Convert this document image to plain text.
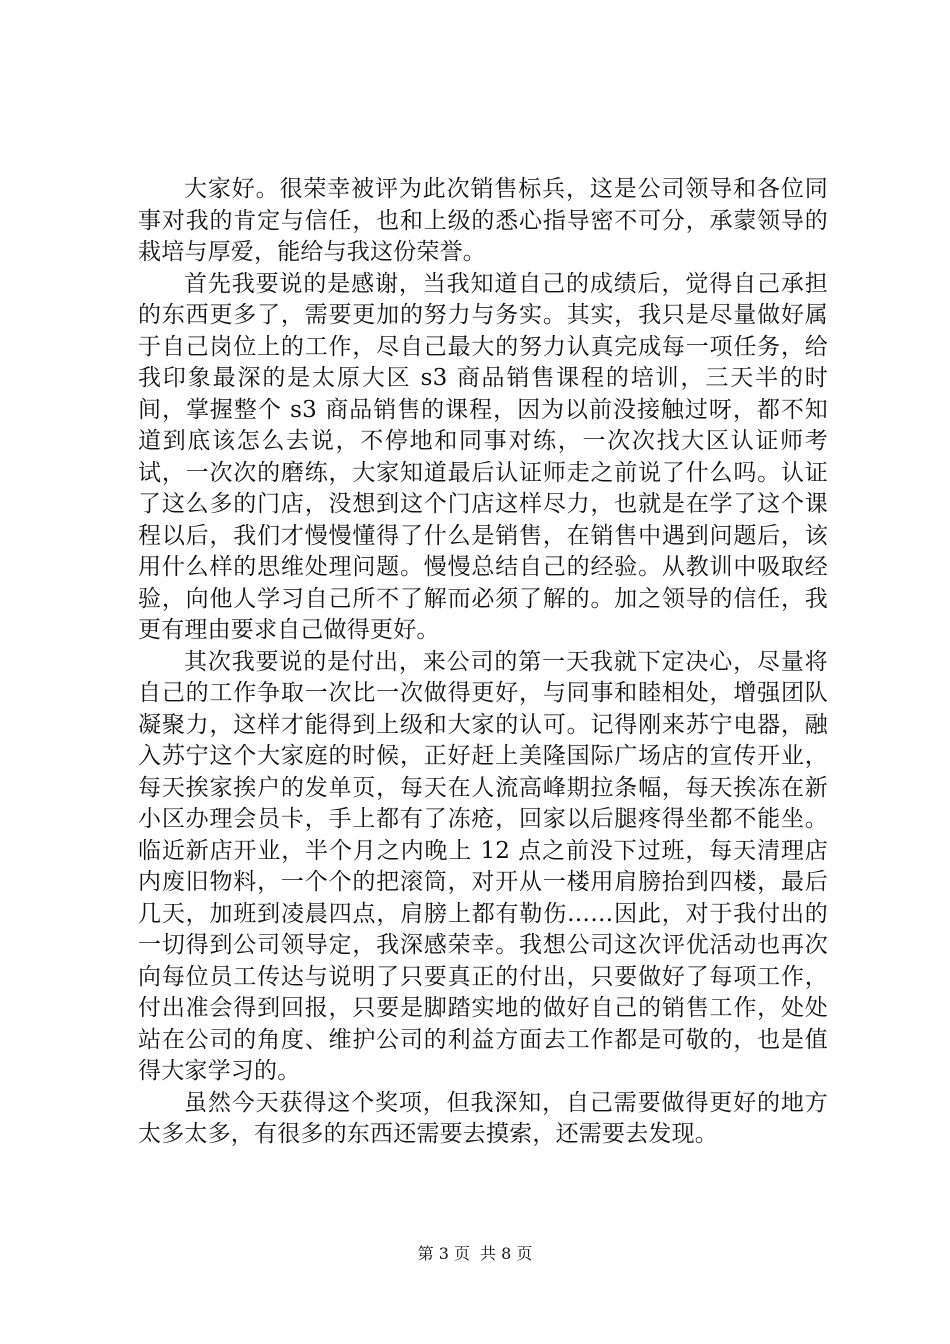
大家好。很荣幸被评为此次销售标兵，这是公司领导和各位同事对我的肯定与信任，也和上级的悉心指导密不可分，承蒙领导的栽培与厚爱，能给与我这份荣誉。

首先我要说的是感谢，当我知道自己的成绩后，觉得自己承担的东西更多了，需要更加的努力与务实。其实，我只是尽量做好属于自己岗位上的工作，尽自己最大的努力认真完成每一项任务，给我印象最深的是太原大区 s3 商品销售课程的培训，三天半的时间，掌握整个 s3 商品销售的课程，因为以前没接触过呀，都不知道到底该怎么去说，不停地和同事对练，一次次找大区认证师考试，一次次的磨练，大家知道最后认证师走之前说了什么吗。认证了这么多的门店，没想到这个门店这样尽力，也就是在学了这个课程以后，我们才慢慢懂得了什么是销售，在销售中遇到问题后，该用什么样的思维处理问题。慢慢总结自己的经验。从教训中吸取经验，向他人学习自己所不了解而必须了解的。加之领导的信任，我更有理由要求自己做得更好。

其次我要说的是付出，来公司的第一天我就下定决心，尽量将自己的工作争取一次比一次做得更好，与同事和睦相处，增强团队凝聚力，这样才能得到上级和大家的认可。记得刚来苏宁电器，融入苏宁这个大家庭的时候，正好赶上美隆国际广场店的宣传开业，每天挨家挨户的发单页，每天在人流高峰期拉条幅，每天挨冻在新小区办理会员卡，手上都有了冻疮，回家以后腿疼得坐都不能坐。临近新店开业，半个月之内晚上 12 点之前没下过班，每天清理店内废旧物料，一个个的把滚筒，对开从一楼用肩膀抬到四楼，最后几天，加班到凌晨四点，肩膀上都有勒伤……因此，对于我付出的一切得到公司领导定，我深感荣幸。我想公司这次评优活动也再次向每位员工传达与说明了只要真正的付出，只要做好了每项工作，付出准会得到回报，只要是脚踏实地的做好自己的销售工作，处处站在公司的角度、维护公司的利益方面去工作都是可敬的，也是值得大家学习的。

虽然今天获得这个奖项，但我深知，自己需要做得更好的地方太多太多，有很多的东西还需要去摸索，还需要去发现。

第 3 页 共 8 页
